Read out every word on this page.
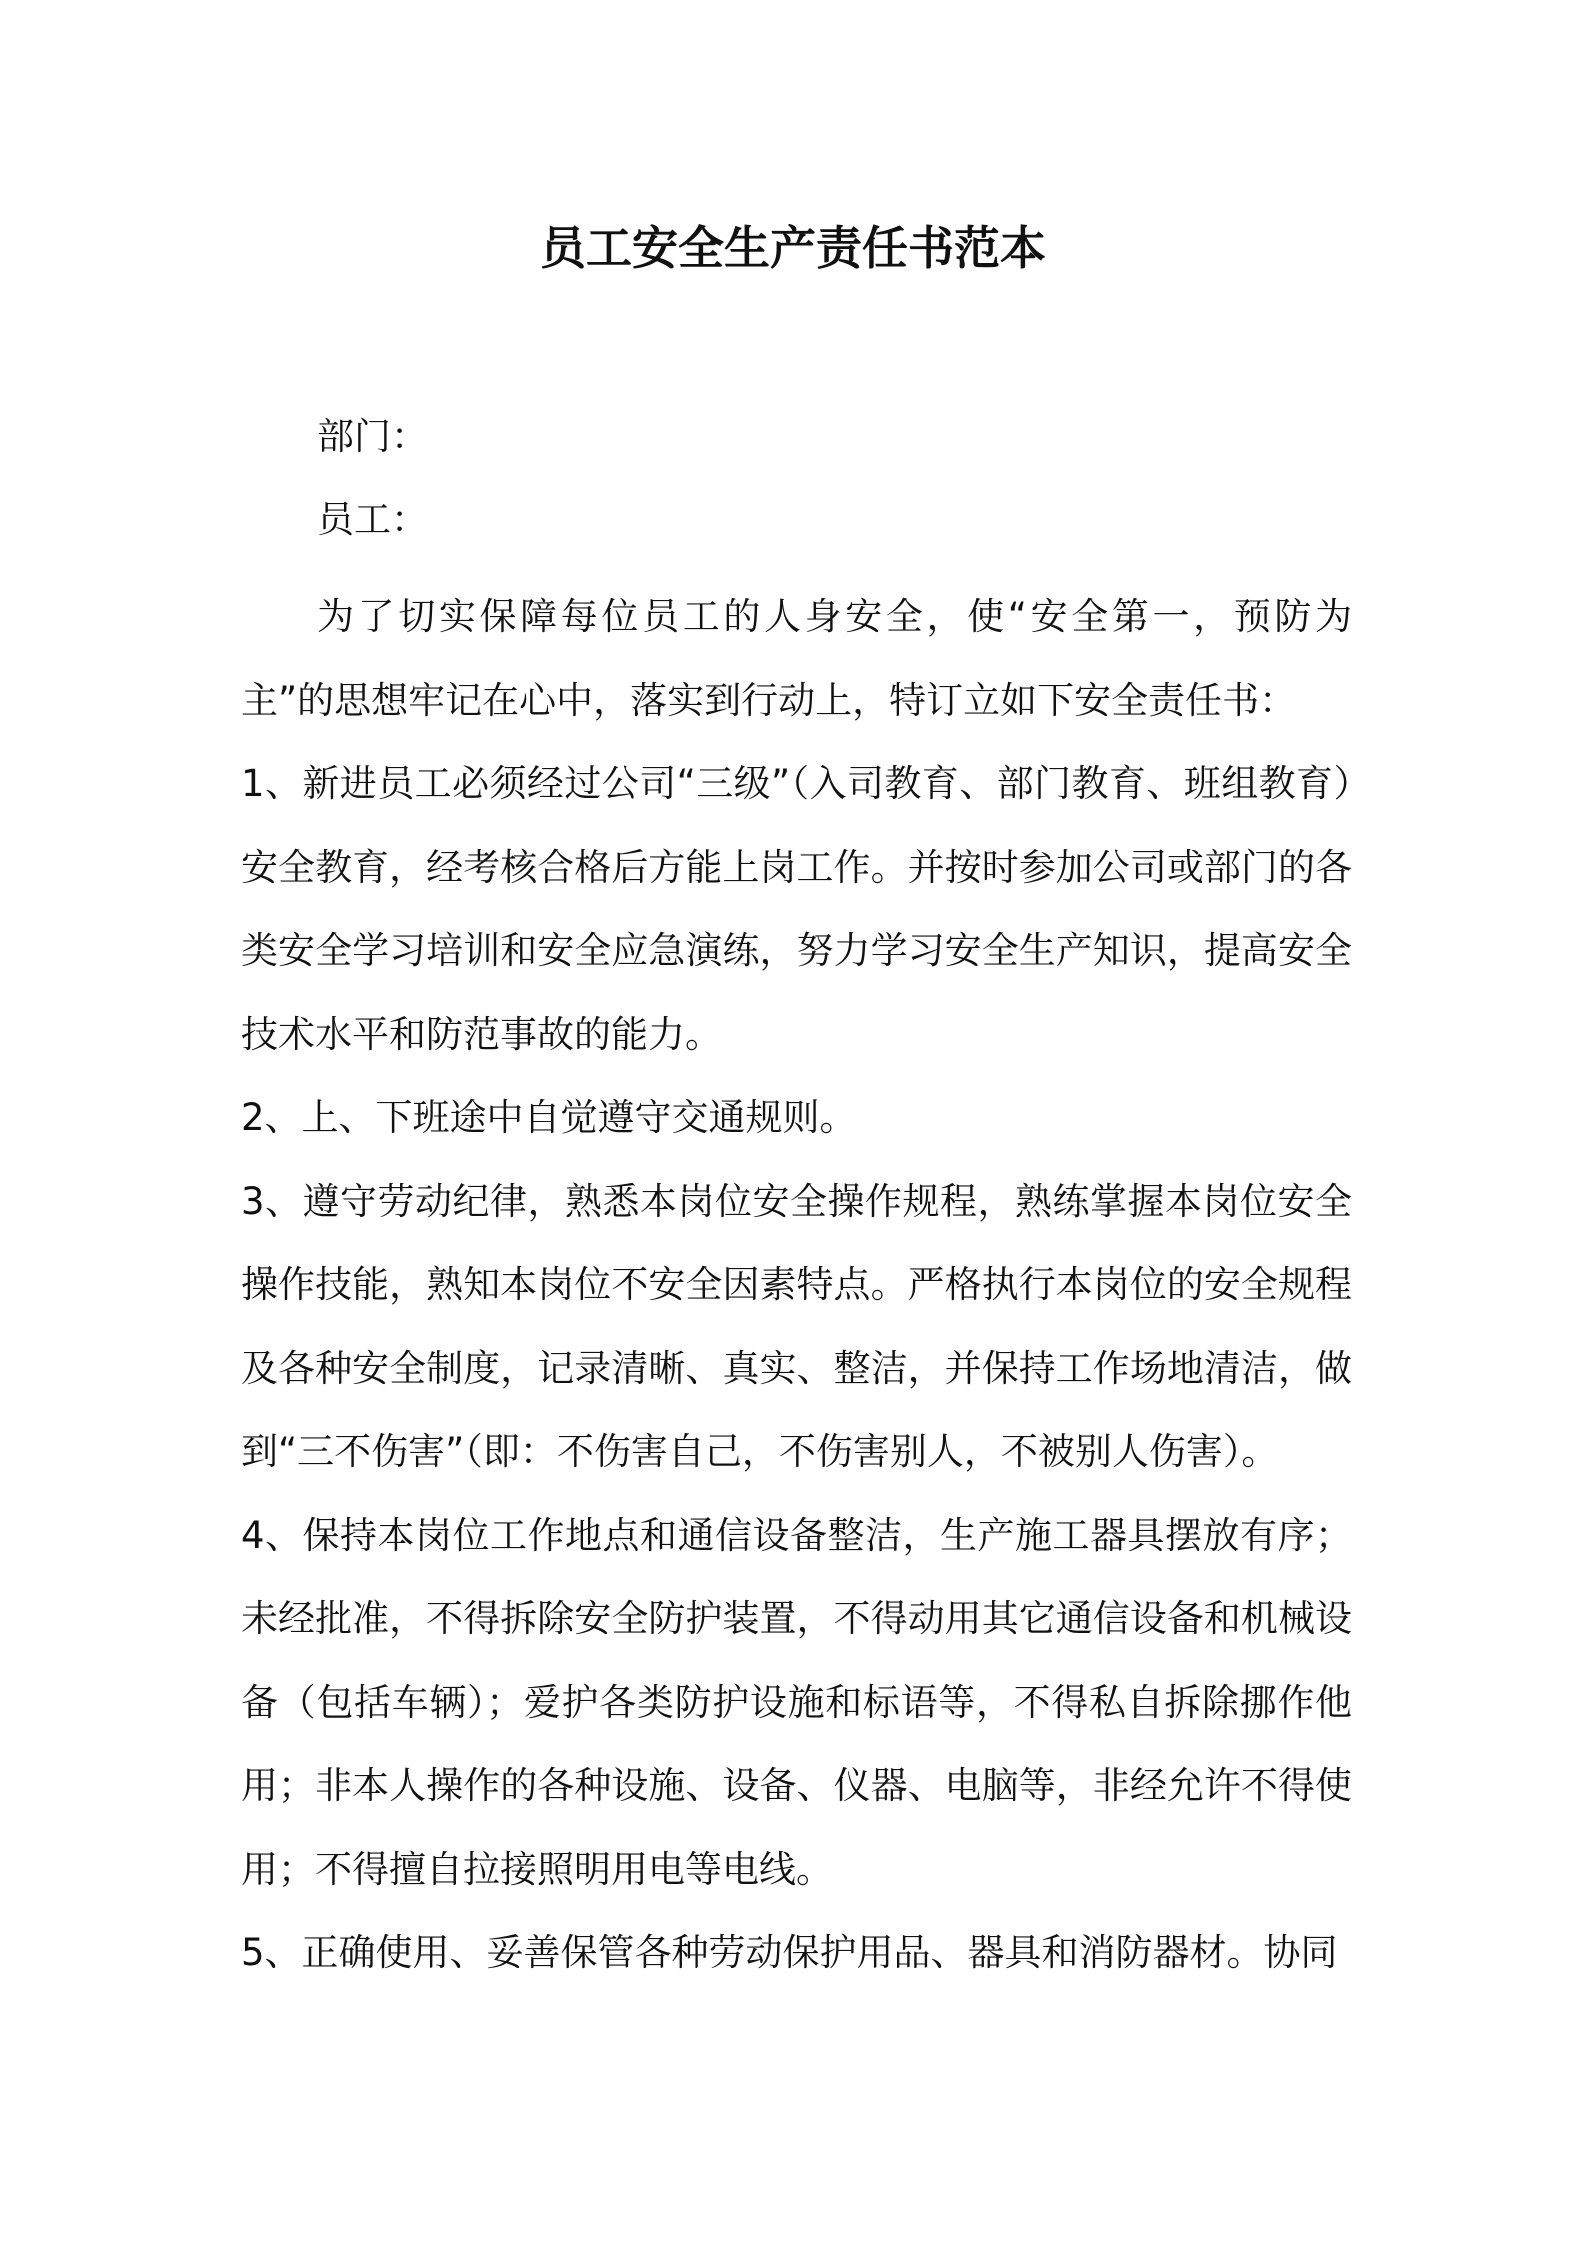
员工安全生产责任书范本
部门：
员工：

为了切实保障每位员工的人身安全，使“安全第一，预防为主”的思想牢记在心中，落实到行动上，特订立如下安全责任书：

1、新进员工必须经过公司“三级”（入司教育、部门教育、班组教育）安全教育，经考核合格后方能上岗工作。并按时参加公司或部门的各类安全学习培训和安全应急演练，努力学习安全生产知识，提高安全技术水平和防范事故的能力。

2、上、下班途中自觉遵守交通规则。

3、遵守劳动纪律，熟悉本岗位安全操作规程，熟练掌握本岗位安全操作技能，熟知本岗位不安全因素特点。严格执行本岗位的安全规程及各种安全制度，记录清晰、真实、整洁，并保持工作场地清洁，做到“三不伤害”（即：不伤害自己，不伤害别人，不被别人伤害）。

4、保持本岗位工作地点和通信设备整洁，生产施工器具摆放有序；未经批准，不得拆除安全防护装置，不得动用其它通信设备和机械设备（包括车辆）；爱护各类防护设施和标语等，不得私自拆除挪作他用；非本人操作的各种设施、设备、仪器、电脑等，非经允许不得使用；不得擅自拉接照明用电等电线。

5、正确使用、妥善保管各种劳动保护用品、器具和消防器材。协同
